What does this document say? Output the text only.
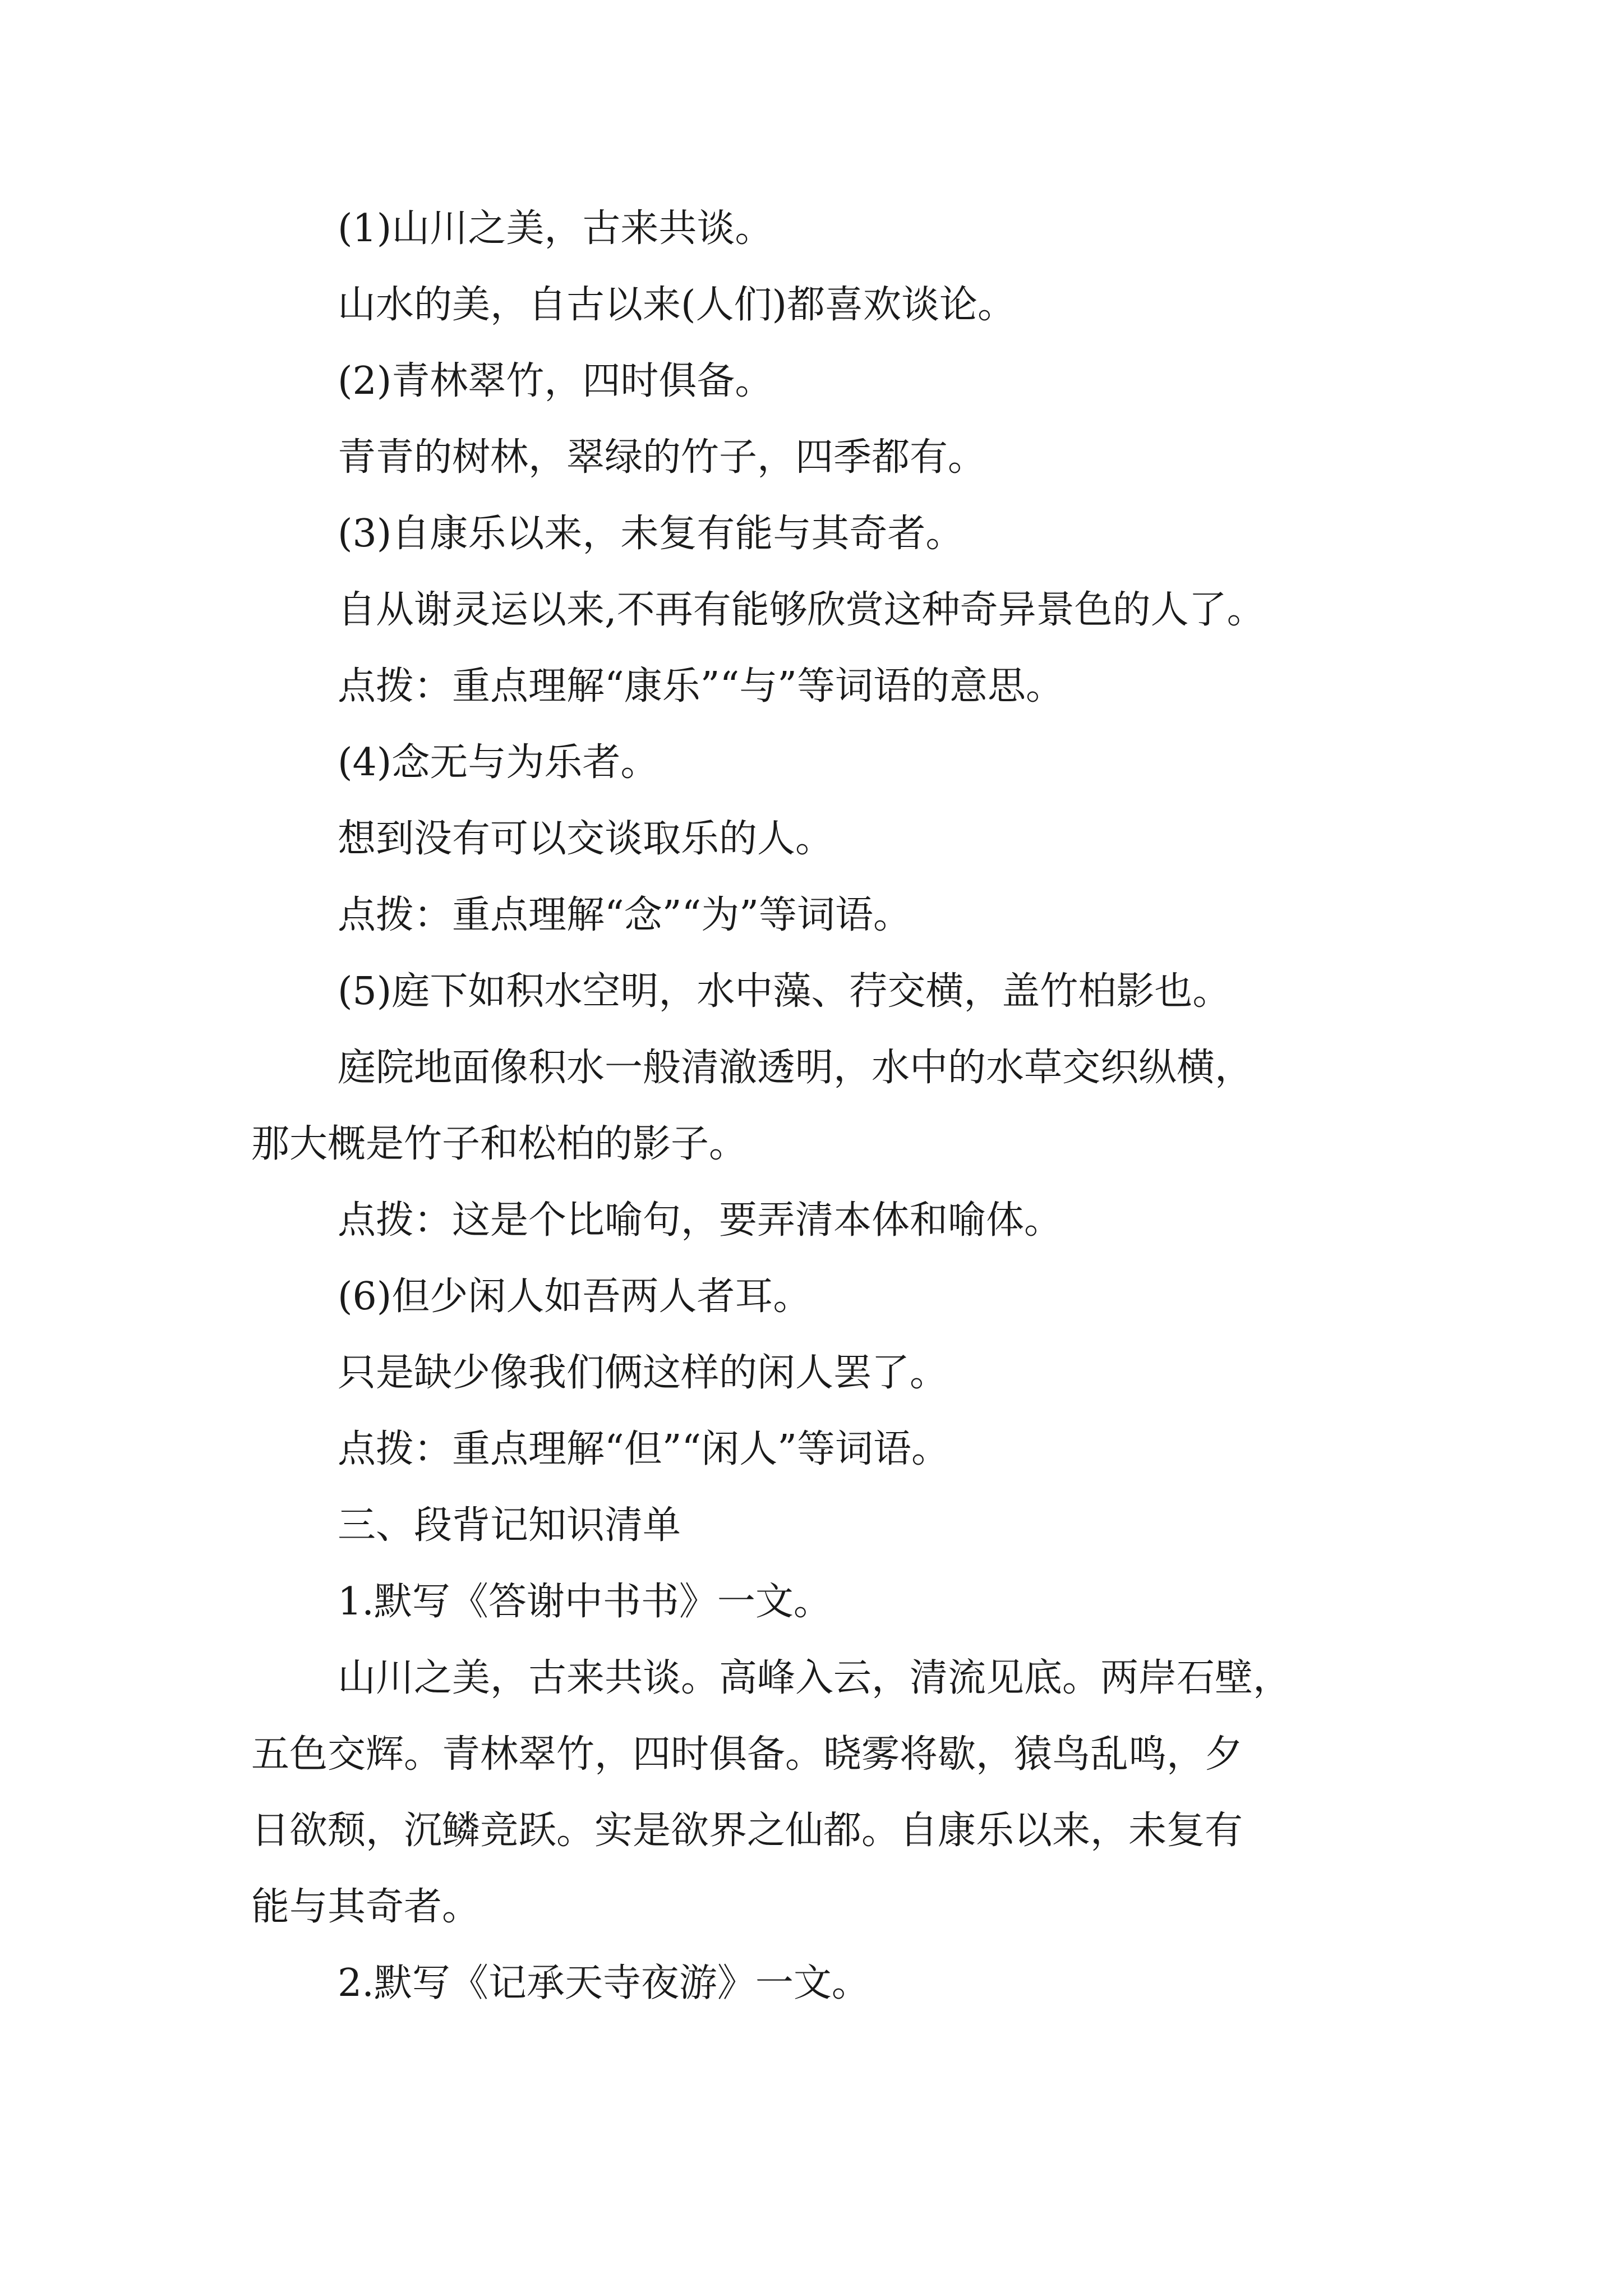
(1)山川之美，古来共谈。

山水的美，自古以来(人们)都喜欢谈论。

(2)青林翠竹，四时俱备。

青青的树林，翠绿的竹子，四季都有。

(3)自康乐以来，未复有能与其奇者。

自从谢灵运以来,不再有能够欣赏这种奇异景色的人了。

点拨：重点理解“康乐”“与”等词语的意思。

(4)念无与为乐者。

想到没有可以交谈取乐的人。

点拨：重点理解“念”“为”等词语。

(5)庭下如积水空明，水中藻、荇交横，盖竹柏影也。

庭院地面像积水一般清澈透明，水中的水草交织纵横，

那大概是竹子和松柏的影子。

点拨：这是个比喻句，要弄清本体和喻体。

(6)但少闲人如吾两人者耳。

只是缺少像我们俩这样的闲人罢了。

点拨：重点理解“但”“闲人”等词语。

三、段背记知识清单

1.默写《答谢中书书》一文。

山川之美，古来共谈。高峰入云，清流见底。两岸石壁，

五色交辉。青林翠竹，四时俱备。晓雾将歇，猿鸟乱鸣，夕

日欲颓，沉鳞竞跃。实是欲界之仙都。自康乐以来，未复有

能与其奇者。

2.默写《记承天寺夜游》一文。
